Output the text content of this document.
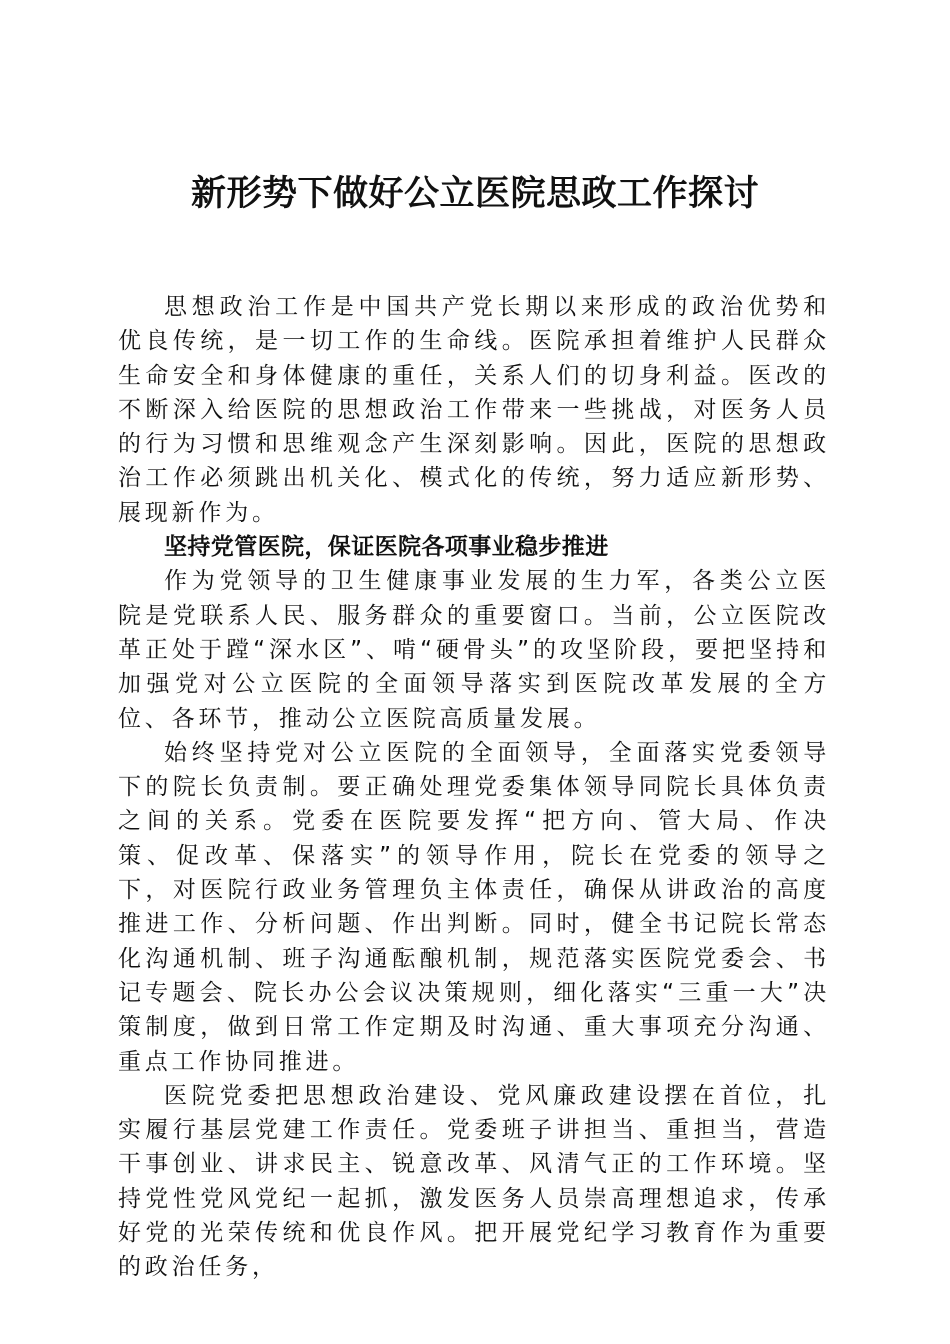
新形势下做好公立医院思政工作探讨

思想政治工作是中国共产党长期以来形成的政治优势和优良传统，是一切工作的生命线。医院承担着维护人民群众生命安全和身体健康的重任，关系人们的切身利益。医改的不断深入给医院的思想政治工作带来一些挑战，对医务人员的行为习惯和思维观念产生深刻影响。因此，医院的思想政治工作必须跳出机关化、模式化的传统，努力适应新形势、展现新作为。

坚持党管医院，保证医院各项事业稳步推进

作为党领导的卫生健康事业发展的生力军，各类公立医院是党联系人民、服务群众的重要窗口。当前，公立医院改革正处于蹚“深水区”、啃“硬骨头”的攻坚阶段，要把坚持和加强党对公立医院的全面领导落实到医院改革发展的全方位、各环节，推动公立医院高质量发展。

始终坚持党对公立医院的全面领导，全面落实党委领导下的院长负责制。要正确处理党委集体领导同院长具体负责之间的关系。党委在医院要发挥“把方向、管大局、作决策、促改革、保落实”的领导作用，院长在党委的领导之下，对医院行政业务管理负主体责任，确保从讲政治的高度推进工作、分析问题、作出判断。同时，健全书记院长常态化沟通机制、班子沟通酝酿机制，规范落实医院党委会、书记专题会、院长办公会议决策规则，细化落实“三重一大”决策制度，做到日常工作定期及时沟通、重大事项充分沟通、重点工作协同推进。

医院党委把思想政治建设、党风廉政建设摆在首位，扎实履行基层党建工作责任。党委班子讲担当、重担当，营造干事创业、讲求民主、锐意改革、风清气正的工作环境。坚持党性党风党纪一起抓，激发医务人员崇高理想追求，传承好党的光荣传统和优良作风。把开展党纪学习教育作为重要的政治任务，
